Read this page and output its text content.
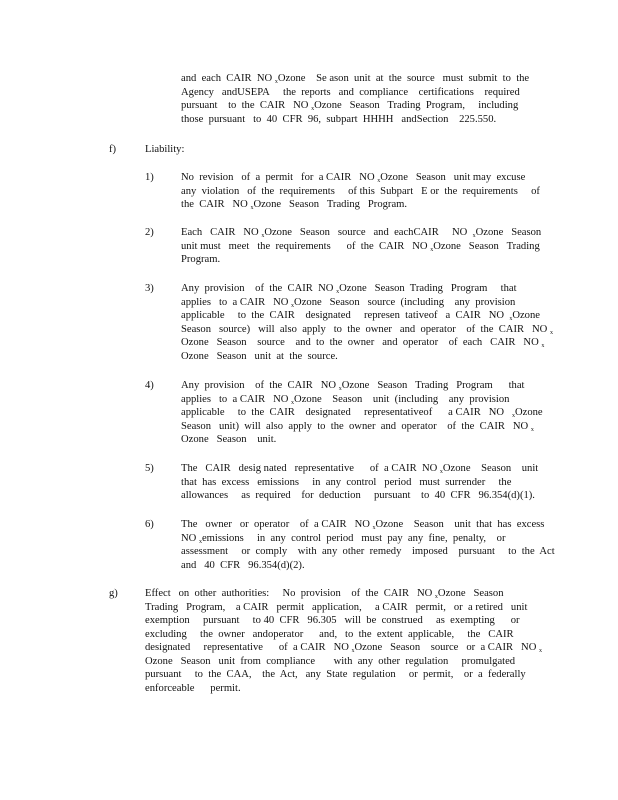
and  each  CAIR  NO $_x$Ozone    Se ason  unit  at  the  source   must  submit  to  the
Agency   andUSEPA     the  reports   and  compliance    certifications    required
pursuant    to  the  CAIR   NO $_x$Ozone   Season   Trading  Program,     including
those  pursuant   to  40  CFR  96,  subpart  HHHH   andSection    225.550.
f)	Liability:
1)	No  revision   of  a  permit   for  a CAIR   NO $_x$Ozone   Season   unit may  excuse
any  violation   of  the  requirements     of this  Subpart   E or  the  requirements     of
the  CAIR   NO $_x$Ozone   Season   Trading   Program.
2)	Each   CAIR   NO $_x$Ozone   Season   source   and  eachCAIR     NO  $_x$Ozone   Season
unit must   meet   the  requirements      of  the  CAIR   NO $_x$Ozone   Season   Trading
Program.
3)	Any  provision    of  the  CAIR  NO $_x$Ozone   Season  Trading   Program     that
applies   to  a CAIR   NO $_x$Ozone   Season   source  (including    any  provision
applicable     to  the  CAIR    designated     represen  tativeof   a  CAIR   NO  $_x$Ozone
Season   source)   will  also  apply   to  the  owner   and  operator    of  the  CAIR   NO $_x$
Ozone   Season    source    and  to  the  owner   and  operator    of  each   CAIR   NO $_x$
Ozone   Season   unit  at  the  source.
4)	Any  provision    of  the  CAIR   NO $_x$Ozone   Season   Trading   Program      that
applies   to  a CAIR   NO $_x$Ozone    Season    unit  (including    any  provision
applicable     to  the  CAIR    designated     representativeof      a CAIR   NO   $_x$Ozone
Season   unit)  will  also  apply  to  the  owner  and  operator    of  the  CAIR   NO $_x$
Ozone   Season    unit.
5)	The   CAIR   desig nated   representative      of  a CAIR  NO $_x$Ozone    Season    unit
that  has  excess   emissions     in  any  control   period   must  surrender     the
allowances     as  required    for  deduction     pursuant    to  40  CFR   96.354(d)(1).
6)	The   owner   or  operator    of  a CAIR   NO $_x$Ozone    Season    unit  that  has  excess
NO $_x$emissions     in  any  control  period   must  pay  any  fine,  penalty,    or
assessment     or  comply    with  any  other  remedy    imposed    pursuant     to  the  Act
and   40  CFR   96.354(d)(2).
g)	Effect   on  other  authorities:     No  provision    of  the  CAIR   NO $_x$Ozone   Season
Trading   Program,    a CAIR   permit   application,     a CAIR   permit,   or  a retired   unit
exemption     pursuant     to 40  CFR   96.305   will  be  construed     as  exempting      or
excluding     the  owner   andoperator      and,   to  the  extent  applicable,     the   CAIR
designated     representative      of  a CAIR   NO $_x$Ozone   Season    source   or  a CAIR   NO $_x$
Ozone   Season   unit  from  compliance       with  any  other  regulation     promulgated
pursuant     to  the  CAA,    the  Act,   any  State  regulation     or  permit,    or  a  federally
enforceable      permit.
